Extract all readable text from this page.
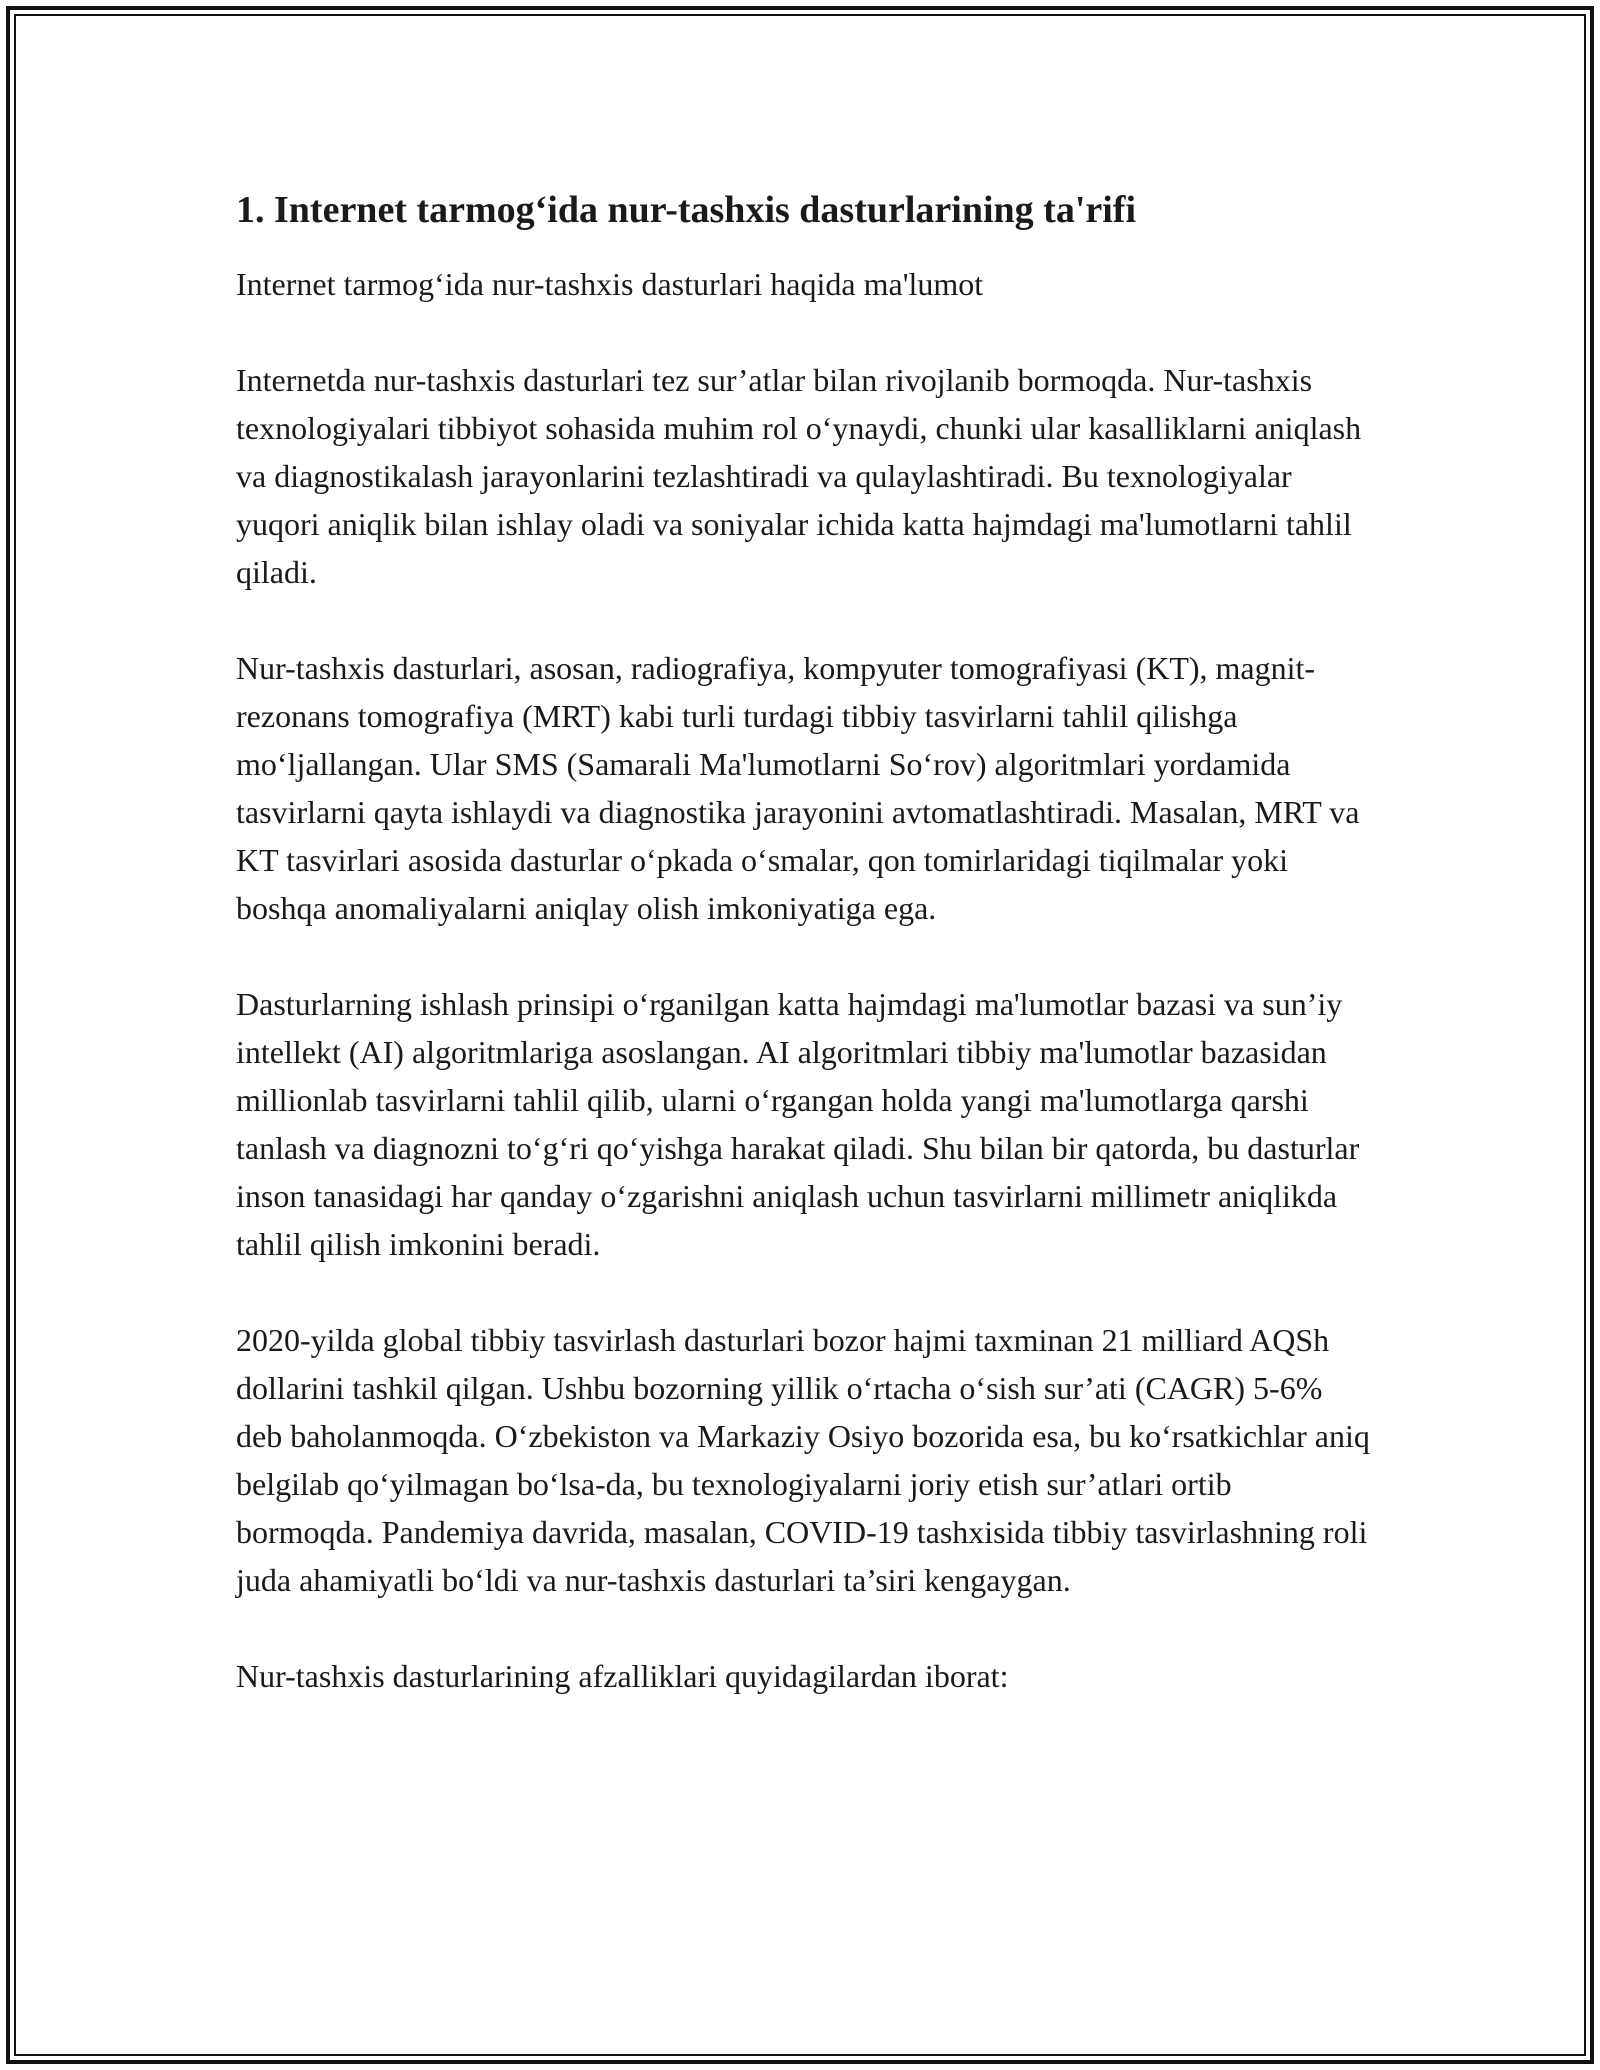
1. Internet tarmog‘ida nur-tashxis dasturlarining ta'rifi
Internet tarmog‘ida nur-tashxis dasturlari haqida ma'lumot

Internetda nur-tashxis dasturlari tez sur’atlar bilan rivojlanib bormoqda. Nur-tashxis texnologiyalari tibbiyot sohasida muhim rol o‘ynaydi, chunki ular kasalliklarni aniqlash va diagnostikalash jarayonlarini tezlashtiradi va qulaylashtiradi. Bu texnologiyalar yuqori aniqlik bilan ishlay oladi va soniyalar ichida katta hajmdagi ma'lumotlarni tahlil qiladi.

Nur-tashxis dasturlari, asosan, radiografiya, kompyuter tomografiyasi (KT), magnit-rezonans tomografiya (MRT) kabi turli turdagi tibbiy tasvirlarni tahlil qilishga mo‘ljallangan. Ular SMS (Samarali Ma'lumotlarni So‘rov) algoritmlari yordamida tasvirlarni qayta ishlaydi va diagnostika jarayonini avtomatlashtiradi. Masalan, MRT va KT tasvirlari asosida dasturlar o‘pkada o‘smalar, qon tomirlaridagi tiqilmalar yoki boshqa anomaliyalarni aniqlay olish imkoniyatiga ega.

Dasturlarning ishlash prinsipi o‘rganilgan katta hajmdagi ma'lumotlar bazasi va sun’iy intellekt (AI) algoritmlariga asoslangan. AI algoritmlari tibbiy ma'lumotlar bazasidan millionlab tasvirlarni tahlil qilib, ularni o‘rgangan holda yangi ma'lumotlarga qarshi tanlash va diagnozni to‘g‘ri qo‘yishga harakat qiladi. Shu bilan bir qatorda, bu dasturlar inson tanasidagi har qanday o‘zgarishni aniqlash uchun tasvirlarni millimetr aniqlikda tahlil qilish imkonini beradi.

2020-yilda global tibbiy tasvirlash dasturlari bozor hajmi taxminan 21 milliard AQSh dollarini tashkil qilgan. Ushbu bozorning yillik o‘rtacha o‘sish sur’ati (CAGR) 5-6% deb baholanmoqda. O‘zbekiston va Markaziy Osiyo bozorida esa, bu ko‘rsatkichlar aniq belgilab qo‘yilmagan bo‘lsa-da, bu texnologiyalarni joriy etish sur’atlari ortib bormoqda. Pandemiya davrida, masalan, COVID-19 tashxisida tibbiy tasvirlashning roli juda ahamiyatli bo‘ldi va nur-tashxis dasturlari ta’siri kengaygan.

Nur-tashxis dasturlarining afzalliklari quyidagilardan iborat:
